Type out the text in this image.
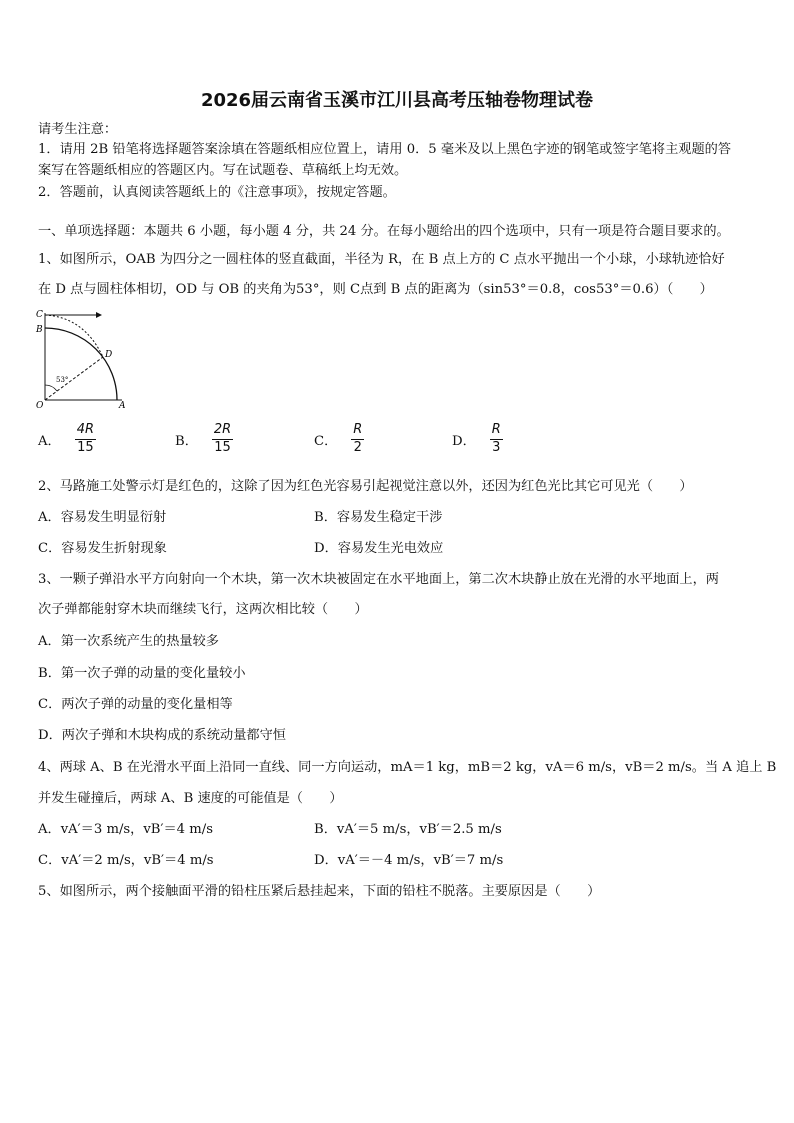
2026届云南省玉溪市江川县高考压轴卷物理试卷
请考生注意：
1．请用 2B 铅笔将选择题答案涂填在答题纸相应位置上，请用 0．5 毫米及以上黑色字迹的钢笔或签字笔将主观题的答
案写在答题纸相应的答题区内。写在试题卷、草稿纸上均无效。
2．答题前，认真阅读答题纸上的《注意事项》，按规定答题。
一、单项选择题：本题共 6 小题，每小题 4 分，共 24 分。在每小题给出的四个选项中，只有一项是符合题目要求的。
1、如图所示，OAB 为四分之一圆柱体的竖直截面，半径为 R，在 B 点上方的 C 点水平抛出一个小球，小球轨迹恰好
在 D 点与圆柱体相切，OD 与 OB 的夹角为53°，则 C点到 B 点的距离为（sin53°＝0.8，cos53°＝0.6）（　　）
C
B
D
O	A
53°
A． $\frac{4R}{15}$	B． $\frac{2R}{15}$	C． $\frac{R}{2}$	D． $\frac{R}{3}$
2、马路施工处警示灯是红色的，这除了因为红色光容易引起视觉注意以外，还因为红色光比其它可见光（　　）
A．容易发生明显衍射	B．容易发生稳定干涉
C．容易发生折射现象	D．容易发生光电效应
3、一颗子弹沿水平方向射向一个木块，第一次木块被固定在水平地面上，第二次木块静止放在光滑的水平地面上，两
次子弹都能射穿木块而继续飞行，这两次相比较（　　）
A．第一次系统产生的热量较多
B．第一次子弹的动量的变化量较小
C．两次子弹的动量的变化量相等
D．两次子弹和木块构成的系统动量都守恒
4、两球 A、B 在光滑水平面上沿同一直线、同一方向运动，mA＝1 kg，mB＝2 kg，vA＝6 m/s，vB＝2 m/s。当 A 追上 B
并发生碰撞后，两球 A、B 速度的可能值是（　　）
A．vA′＝3 m/s，vB′＝4 m/s	B．vA′＝5 m/s，vB′＝2.5 m/s
C．vA′＝2 m/s，vB′＝4 m/s	D．vA′＝－4 m/s，vB′＝7 m/s
5、如图所示，两个接触面平滑的铅柱压紧后悬挂起来，下面的铅柱不脱落。主要原因是（　　）
